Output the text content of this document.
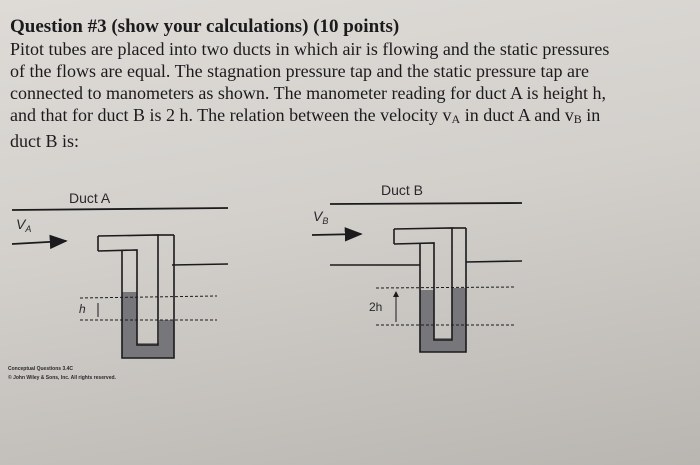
Question #3 (show your calculations) (10 points)
Pitot tubes are placed into two ducts in which air is flowing and the static pressures
of the flows are equal. The stagnation pressure tap and the static pressure tap are
connected to manometers as shown. The manometer reading for duct A is height h,
and that for duct B is 2 h. The relation between the velocity vA in duct A and vB in
duct B is:
Duct A
$V_A$
h
Duct B
$V_B$
2h
Conceptual Questions 3.4C
© John Wiley & Sons, Inc. All rights reserved.
